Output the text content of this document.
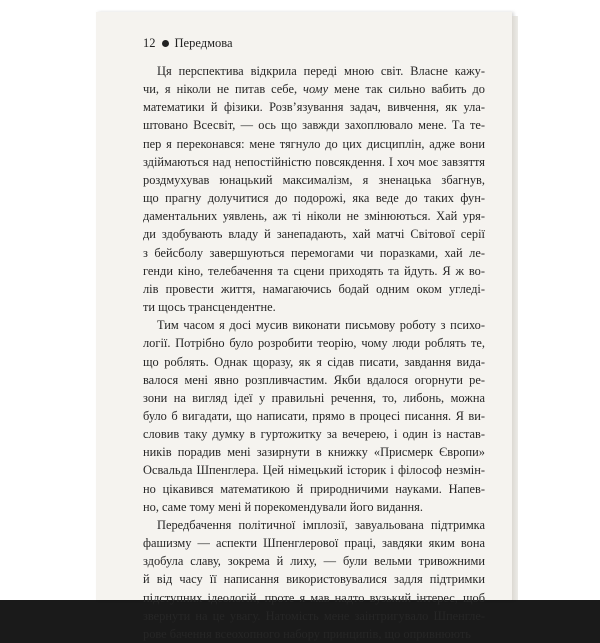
12 Передмова

Ця перспектива відкрила переді мною світ. Власне кажу-
чи, я ніколи не питав себе, чому мене так сильно вабить до
математики й фізики. Розв’язування задач, вивчення, як ула-
штовано Всесвіт, — ось що завжди захоплювало мене. Та те-
пер я переконався: мене тягнуло до цих дисциплін, адже вони
здіймаються над непостійністю повсякдення. І хоч моє завзяття
роздмухував юнацький максималізм, я зненацька збагнув,
що прагну долучитися до подорожі, яка веде до таких фун-
даментальних уявлень, аж ті ніколи не змінюються. Хай уря-
ди здобувають владу й занепадають, хай матчі Світової серії
з бейсболу завершуються перемогами чи поразками, хай ле-
генди кіно, телебачення та сцени приходять та йдуть. Я ж во-
лів провести життя, намагаючись бодай одним оком угледі-
ти щось трансцендентне.

Тим часом я досі мусив виконати письмову роботу з психо-
логії. Потрібно було розробити теорію, чому люди роблять те,
що роблять. Однак щоразу, як я сідав писати, завдання вида-
валося мені явно розпливчастим. Якби вдалося огорнути ре-
зони на вигляд ідеї у правильні речення, то, либонь, можна
було б вигадати, що написати, прямо в процесі писання. Я ви-
словив таку думку в гуртожитку за вечерею, і один із настав-
ників порадив мені зазирнути в книжку «Присмерк Європи»
Освальда Шпенглера. Цей німецький історик і філософ незмін-
но цікавився математикою й природничими науками. Напев-
но, саме тому мені й порекомендували його видання.

Передбачення політичної імплозії, завуальована підтримка
фашизму — аспекти Шпенглерової праці, завдяки яким вона
здобула славу, зокрема й лиху, — були вельми тривожними
й від часу її написання використовувалися задля підтримки
підступних ідеологій, проте я мав надто вузький інтерес, щоб
звернути на це увагу. Натомість мене заінтригувало Шпенгле-
рове бачення всеохопного набору принципів, що опривнюють
